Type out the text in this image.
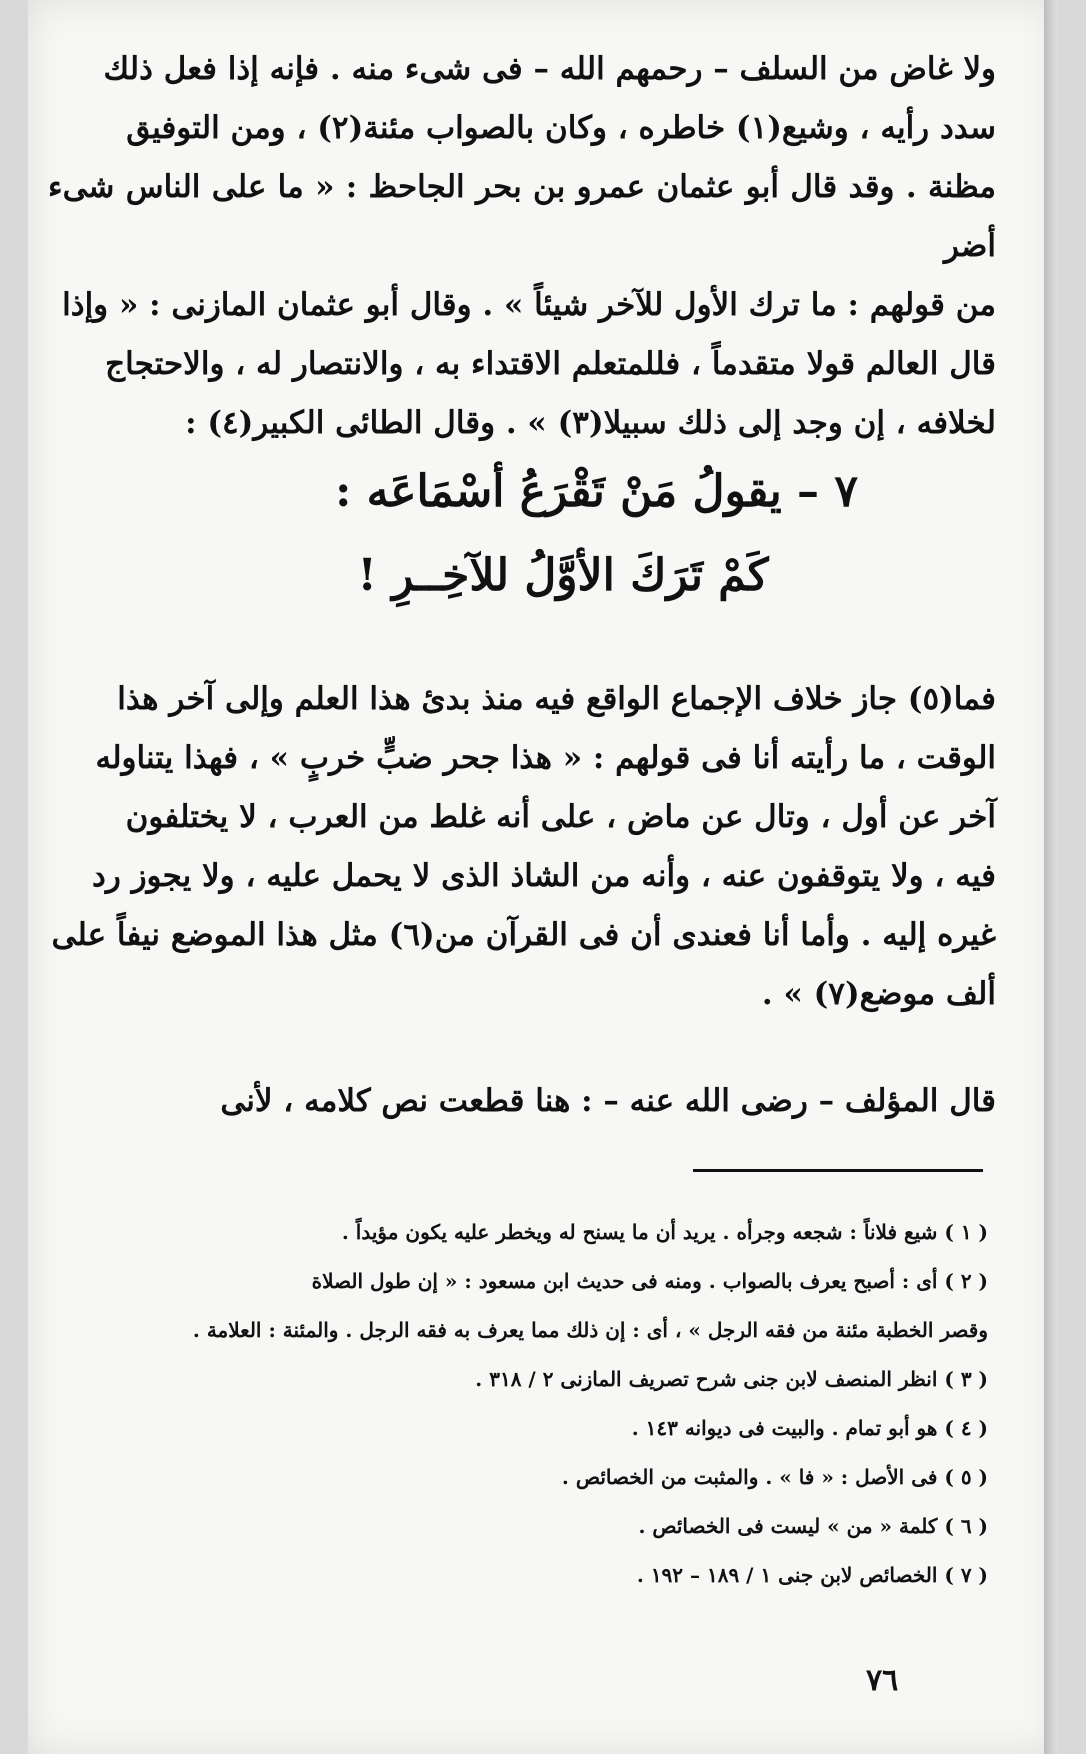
ولا غاض من السلف – رحمهم الله – فى شىء منه . فإنه إذا فعل ذلك

سدد رأيه ، وشيع(١) خاطره ، وكان بالصواب مئنة(٢) ، ومن التوفيق

مظنة . وقد قال أبو عثمان عمرو بن بحر الجاحظ : « ما على الناس شىء أضر

من قولهم : ما ترك الأول للآخر شيئاً » . وقال أبو عثمان المازنى : « وإذا

قال العالم قولا متقدماً ، فللمتعلم الاقتداء به ، والانتصار له ، والاحتجاج

لخلافه ، إن وجد إلى ذلك سبيلا(٣) » . وقال الطائى الكبير(٤) :

٧ – يقولُ مَنْ تَقْرَعُ أسْمَاعَه :
كَمْ تَرَكَ الأوَّلُ للآخِــرِ !

فما(٥) جاز خلاف الإجماع الواقع فيه منذ بدئ هذا العلم وإلى آخر هذا

الوقت ، ما رأيته أنا فى قولهم : « هذا جحر ضبٍّ خربٍ » ، فهذا يتناوله

آخر عن أول ، وتال عن ماض ، على أنه غلط من العرب ، لا يختلفون

فيه ، ولا يتوقفون عنه ، وأنه من الشاذ الذى لا يحمل عليه ، ولا يجوز رد

غيره إليه . وأما أنا فعندى أن فى القرآن من(٦) مثل هذا الموضع نيفاً على

ألف موضع(٧) » .

قال المؤلف – رضى الله عنه – : هنا قطعت نص كلامه ، لأنى

( ١ ) شيع فلاناً : شجعه وجرأه . يريد أن ما يسنح له ويخطر عليه يكون مؤيداً .

( ٢ ) أى : أصبح يعرف بالصواب . ومنه فى حديث ابن مسعود : « إن طول الصلاة

وقصر الخطبة مئنة من فقه الرجل » ، أى : إن ذلك مما يعرف به فقه الرجل . والمئنة : العلامة .

( ٣ ) انظر المنصف لابن جنى شرح تصريف المازنى ٢ / ٣١٨ .

( ٤ ) هو أبو تمام . والبيت فى ديوانه ١٤٣ .

( ٥ ) فى الأصل : « فا » . والمثبت من الخصائص .

( ٦ ) كلمة « من » ليست فى الخصائص .

( ٧ ) الخصائص لابن جنى ١ / ١٨٩ – ١٩٢ .

٧٦
